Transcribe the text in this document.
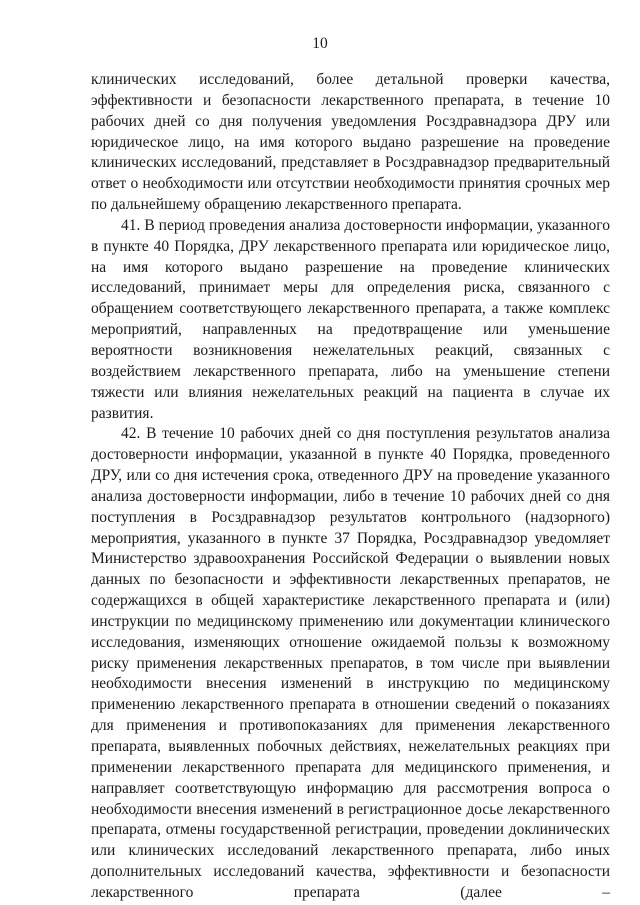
10

клинических исследований, более детальной проверки качества, эффективности и безопасности лекарственного препарата, в течение 10 рабочих дней со дня получения уведомления Росздравнадзора ДРУ или юридическое лицо, на имя которого выдано разрешение на проведение клинических исследований, представляет в Росздравнадзор предварительный ответ о необходимости или отсутствии необходимости принятия срочных мер по дальнейшему обращению лекарственного препарата.

41. В период проведения анализа достоверности информации, указанного в пункте 40 Порядка, ДРУ лекарственного препарата или юридическое лицо, на имя которого выдано разрешение на проведение клинических исследований, принимает меры для определения риска, связанного с обращением соответствующего лекарственного препарата, а также комплекс мероприятий, направленных на предотвращение или уменьшение вероятности возникновения нежелательных реакций, связанных с воздействием лекарственного препарата, либо на уменьшение степени тяжести или влияния нежелательных реакций на пациента в случае их развития.

42. В течение 10 рабочих дней со дня поступления результатов анализа достоверности информации, указанной в пункте 40 Порядка, проведенного ДРУ, или со дня истечения срока, отведенного ДРУ на проведение указанного анализа достоверности информации, либо в течение 10 рабочих дней со дня поступления в Росздравнадзор результатов контрольного (надзорного) мероприятия, указанного в пункте 37 Порядка, Росздравнадзор уведомляет Министерство здравоохранения Российской Федерации о выявлении новых данных по безопасности и эффективности лекарственных препаратов, не содержащихся в общей характеристике лекарственного препарата и (или) инструкции по медицинскому применению или документации клинического исследования, изменяющих отношение ожидаемой пользы к возможному риску применения лекарственных препаратов, в том числе при выявлении необходимости внесения изменений в инструкцию по медицинскому применению лекарственного препарата в отношении сведений о показаниях для применения и противопоказаниях для применения лекарственного препарата, выявленных побочных действиях, нежелательных реакциях при применении лекарственного препарата для медицинского применения, и направляет соответствующую информацию для рассмотрения вопроса о необходимости внесения изменений в регистрационное досье лекарственного препарата, отмены государственной регистрации, проведении доклинических или клинических исследований лекарственного препарата, либо иных дополнительных исследований качества, эффективности и безопасности лекарственного препарата (далее –
